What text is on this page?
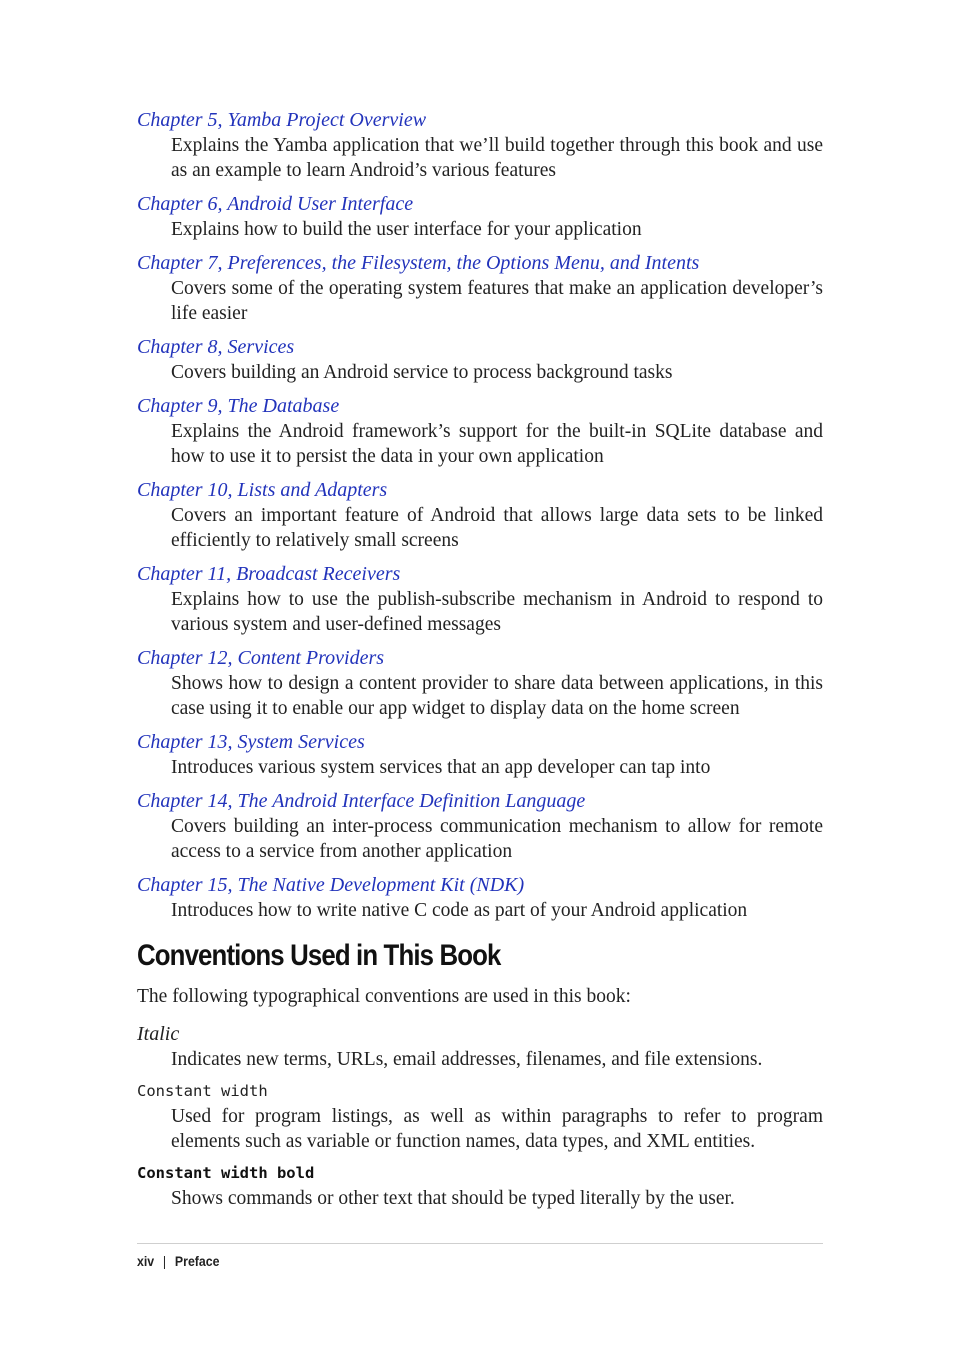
Chapter 5, Yamba Project Overview

Explains the Yamba application that we’ll build together through this book and use as an example to learn Android’s various features

Chapter 6, Android User Interface

Explains how to build the user interface for your application

Chapter 7, Preferences, the Filesystem, the Options Menu, and Intents

Covers some of the operating system features that make an application developer’s life easier

Chapter 8, Services

Covers building an Android service to process background tasks

Chapter 9, The Database

Explains the Android framework’s support for the built-in SQLite database and how to use it to persist the data in your own application

Chapter 10, Lists and Adapters

Covers an important feature of Android that allows large data sets to be linked efficiently to relatively small screens

Chapter 11, Broadcast Receivers

Explains how to use the publish-subscribe mechanism in Android to respond to various system and user-defined messages

Chapter 12, Content Providers

Shows how to design a content provider to share data between applications, in this case using it to enable our app widget to display data on the home screen

Chapter 13, System Services

Introduces various system services that an app developer can tap into

Chapter 14, The Android Interface Definition Language

Covers building an inter-process communication mechanism to allow for remote access to a service from another application

Chapter 15, The Native Development Kit (NDK)

Introduces how to write native C code as part of your Android application

Conventions Used in This Book

The following typographical conventions are used in this book:

Italic

Indicates new terms, URLs, email addresses, filenames, and file extensions.

Constant width

Used for program listings, as well as within paragraphs to refer to program elements such as variable or function names, data types, and XML entities.

Constant width bold

Shows commands or other text that should be typed literally by the user.

xiv | Preface
